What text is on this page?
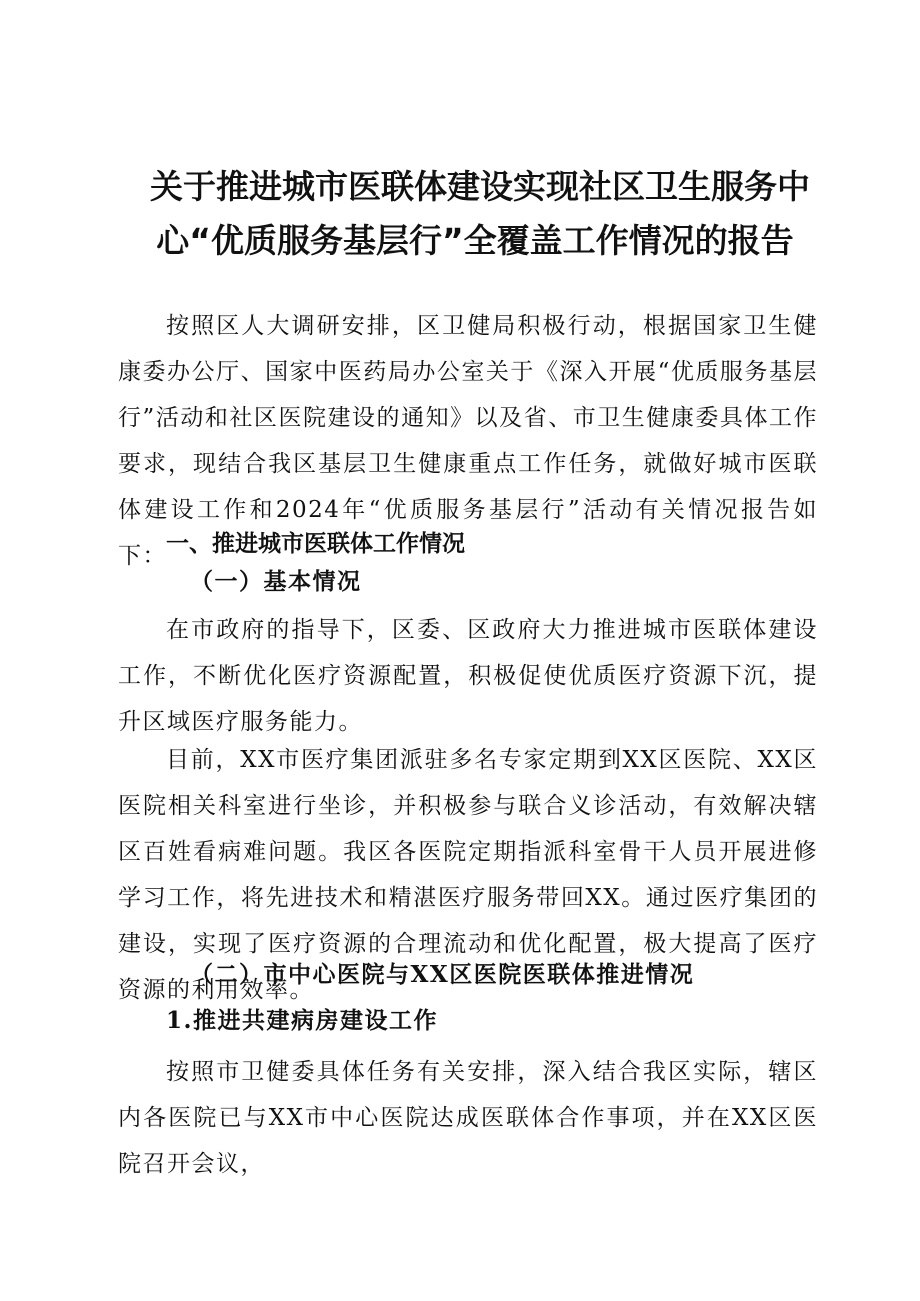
关于推进城市医联体建设实现社区卫生服务中
心“优质服务基层行”全覆盖工作情况的报告

按照区人大调研安排，区卫健局积极行动，根据国家卫生健康委办公厅、国家中医药局办公室关于《深入开展“优质服务基层行”活动和社区医院建设的通知》以及省、市卫生健康委具体工作要求，现结合我区基层卫生健康重点工作任务，就做好城市医联体建设工作和2024年“优质服务基层行”活动有关情况报告如下： 一、推进城市医联体工作情况
（一）基本情况

在市政府的指导下，区委、区政府大力推进城市医联体建设工作，不断优化医疗资源配置，积极促使优质医疗资源下沉，提升区域医疗服务能力。

目前，XX市医疗集团派驻多名专家定期到XX区医院、XX区医院相关科室进行坐诊，并积极参与联合义诊活动，有效解决辖区百姓看病难问题。我区各医院定期指派科室骨干人员开展进修学习工作，将先进技术和精湛医疗服务带回XX。通过医疗集团的建设，实现了医疗资源的合理流动和优化配置，极大提高了医疗资源的利用效率。

（二）市中心医院与XX区医院医联体推进情况
1.推进共建病房建设工作

按照市卫健委具体任务有关安排，深入结合我区实际，辖区内各医院已与XX市中心医院达成医联体合作事项，并在XX区医院召开会议，
